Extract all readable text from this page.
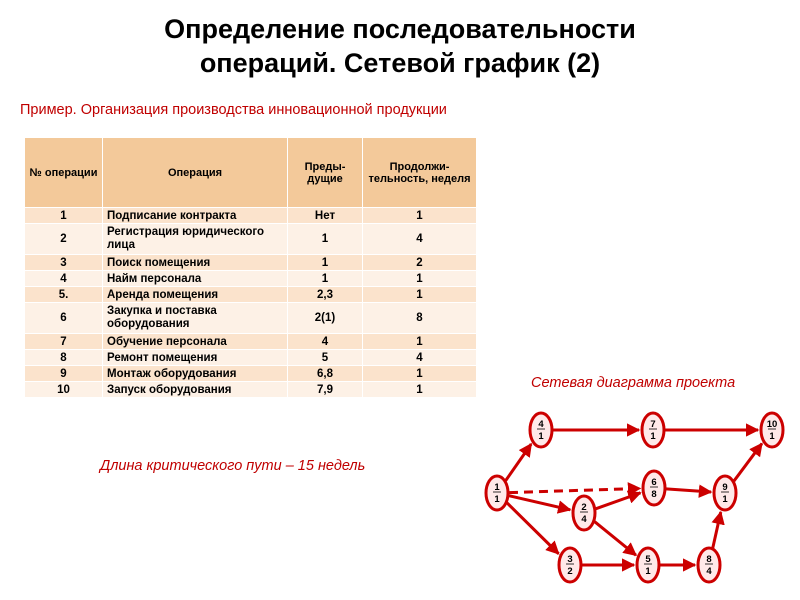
Определение последовательности
операций. Сетевой график (2)
Пример. Организация производства инновационной продукции
№ операции	Операция	Преды-дущие	Продолжи-тельность, неделя
1	Подписание контракта	Нет	1
2	Регистрация юридического лица	1	4
3	Поиск помещения	1	2
4	Найм персонала	1	1
5.	Аренда помещения	2,3	1
6	Закупка и поставка оборудования	2(1)	8
7	Обучение персонала	4	1
8	Ремонт помещения	5	4
9	Монтаж оборудования	6,8	1
10	Запуск оборудования	7,9	1
Длина критического пути – 15 недель
Сетевая диаграмма проекта
1
1
2
4
3
2
4
1
5
1
6
8
7
1
8
4
9
1
10
1
